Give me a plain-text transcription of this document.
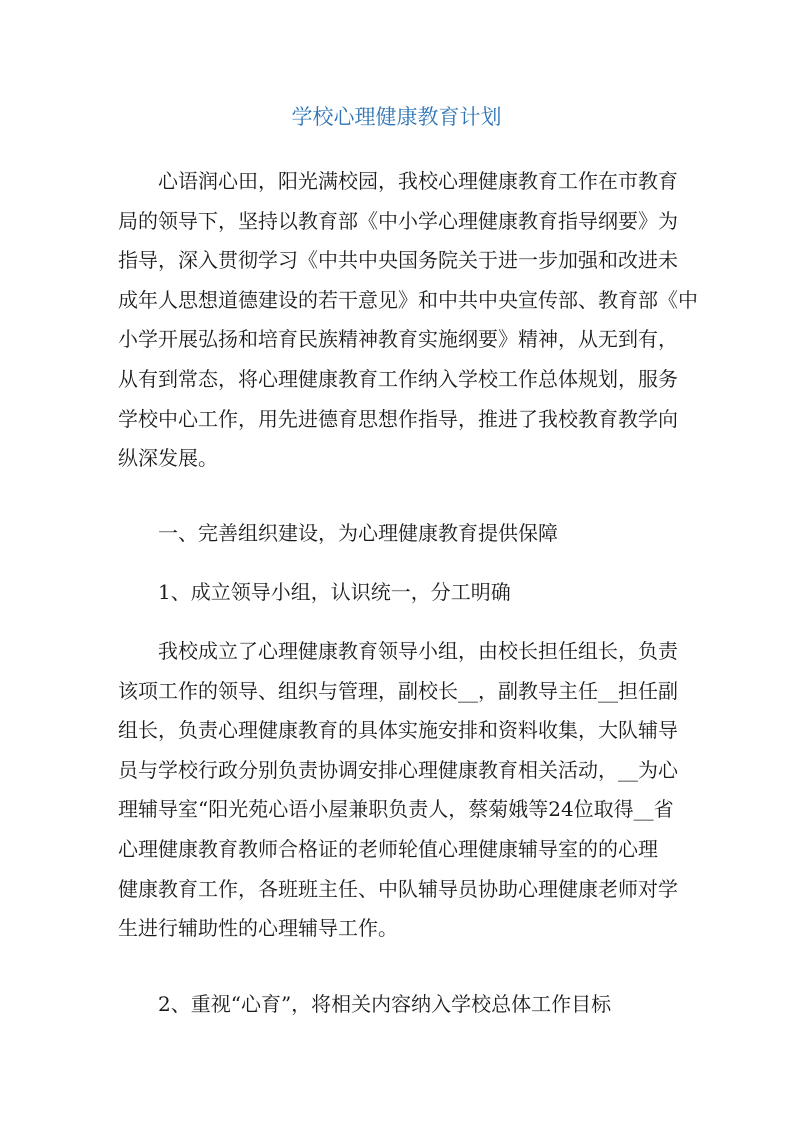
学校心理健康教育计划

心语润心田，阳光满校园，我校心理健康教育工作在市教育
局的领导下，坚持以教育部《中小学心理健康教育指导纲要》为
指导，深入贯彻学习《中共中央国务院关于进一步加强和改进未
成年人思想道德建设的若干意见》和中共中央宣传部、教育部《中
小学开展弘扬和培育民族精神教育实施纲要》精神，从无到有，
从有到常态，将心理健康教育工作纳入学校工作总体规划，服务
学校中心工作，用先进德育思想作指导，推进了我校教育教学向
纵深发展。

一、完善组织建设，为心理健康教育提供保障

1、成立领导小组，认识统一，分工明确

我校成立了心理健康教育领导小组，由校长担任组长，负责
该项工作的领导、组织与管理，副校长__，副教导主任__担任副
组长，负责心理健康教育的具体实施安排和资料收集，大队辅导
员与学校行政分别负责协调安排心理健康教育相关活动，__为心
理辅导室“阳光苑心语小屋兼职负责人，蔡菊娥等24位取得__省
心理健康教育教师合格证的老师轮值心理健康辅导室的的心理
健康教育工作，各班班主任、中队辅导员协助心理健康老师对学
生进行辅助性的心理辅导工作。

2、重视“心育”，将相关内容纳入学校总体工作目标
